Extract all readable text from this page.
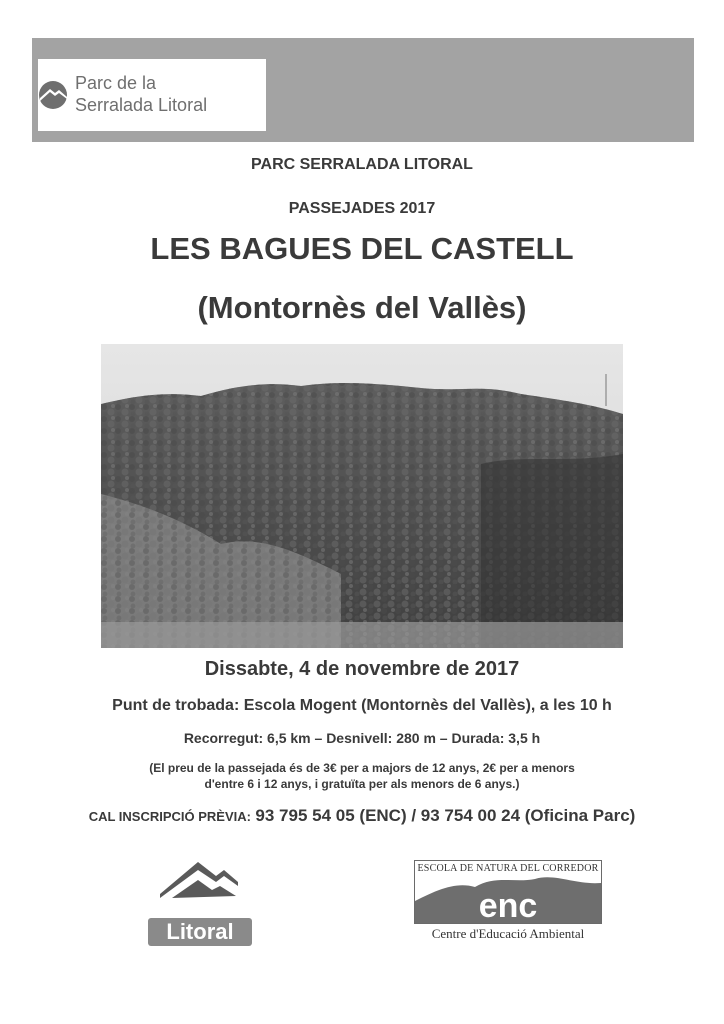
Parc de la
Serralada Litoral
PARC SERRALADA LITORAL
PASSEJADES 2017
LES BAGUES DEL CASTELL
(Montornès del Vallès)
Dissabte, 4 de novembre de 2017
Punt de trobada: Escola Mogent (Montornès del Vallès), a les 10 h
Recorregut: 6,5 km – Desnivell: 280 m – Durada: 3,5 h
(El preu de la passejada és de 3€ per a majors de 12 anys, 2€ per a menors
d'entre 6 i 12 anys, i gratuïta per als menors de 6 anys.)
CAL INSCRIPCIÓ PRÈVIA: 93 795 54 05 (ENC) / 93 754 00 24 (Oficina Parc)
Litoral
ESCOLA DE NATURA DEL CORREDOR
enc
Centre d'Educació Ambiental
